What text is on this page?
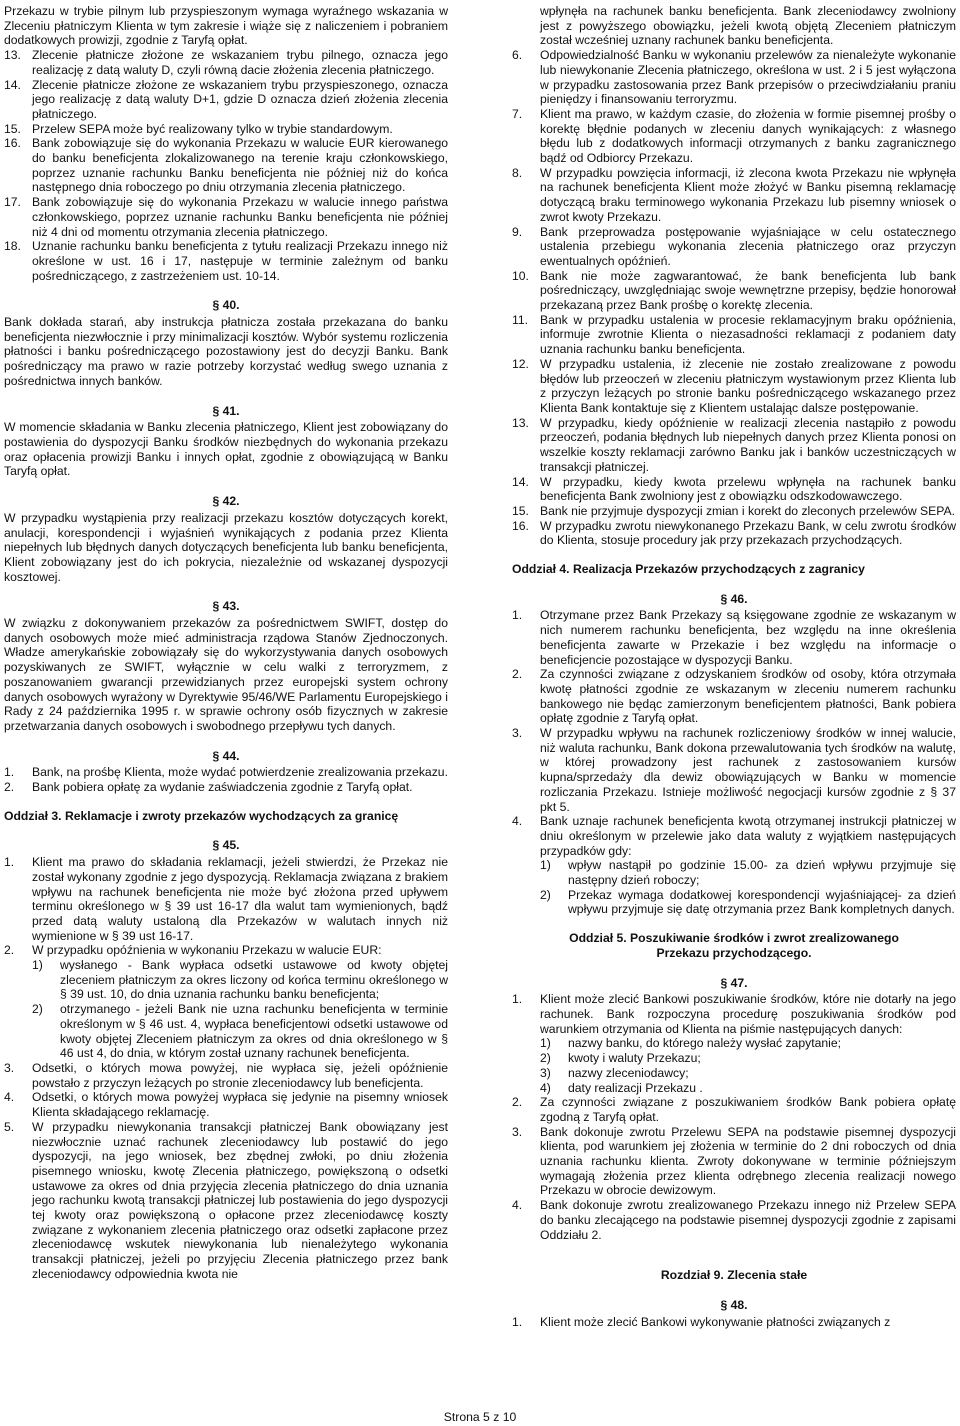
Przekazu w trybie pilnym lub przyspieszonym wymaga wyraźnego wskazania w Zleceniu płatniczym Klienta w tym zakresie i wiąże się z naliczeniem i pobraniem dodatkowych prowizji, zgodnie z Taryfą opłat.
13. Zlecenie płatnicze złożone ze wskazaniem trybu pilnego, oznacza jego realizację z datą waluty D, czyli równą dacie złożenia zlecenia płatniczego.
14. Zlecenie płatnicze złożone ze wskazaniem trybu przyspieszonego, oznacza jego realizację z datą waluty D+1, gdzie D oznacza dzień złożenia zlecenia płatniczego.
15. Przelew SEPA może być realizowany tylko w trybie standardowym.
16. Bank zobowiązuje się do wykonania Przekazu w walucie EUR kierowanego do banku beneficjenta zlokalizowanego na terenie kraju członkowskiego, poprzez uznanie rachunku Banku beneficjenta nie później niż do końca następnego dnia roboczego po dniu otrzymania zlecenia płatniczego.
17. Bank zobowiązuje się do wykonania Przekazu w walucie innego państwa członkowskiego, poprzez uznanie rachunku Banku beneficjenta nie później niż 4 dni od momentu otrzymania zlecenia płatniczego.
18. Uznanie rachunku banku beneficjenta z tytułu realizacji Przekazu innego niż określone w ust. 16 i 17, następuje w terminie zależnym od banku pośredniczącego, z zastrzeżeniem ust. 10-14.
§ 40.
Bank dokłada starań, aby instrukcja płatnicza została przekazana do banku beneficjenta niezwłocznie i przy minimalizacji kosztów. Wybór systemu rozliczenia płatności i banku pośredniczącego pozostawiony jest do decyzji Banku. Bank pośredniczący ma prawo w razie potrzeby korzystać według swego uznania z pośrednictwa innych banków.
§ 41.
W momencie składania w Banku zlecenia płatniczego, Klient jest zobowiązany do postawienia do dyspozycji Banku środków niezbędnych do wykonania przekazu oraz opłacenia prowizji Banku i innych opłat, zgodnie z obowiązującą w Banku Taryfą opłat.
§ 42.
W przypadku wystąpienia przy realizacji przekazu kosztów dotyczących korekt, anulacji, korespondencji i wyjaśnień wynikających z podania przez Klienta niepełnych lub błędnych danych dotyczących beneficjenta lub banku beneficjenta, Klient zobowiązany jest do ich pokrycia, niezależnie od wskazanej dyspozycji kosztowej.
§ 43.
W związku z dokonywaniem przekazów za pośrednictwem SWIFT, dostęp do danych osobowych może mieć administracja rządowa Stanów Zjednoczonych. Władze amerykańskie zobowiązały się do wykorzystywania danych osobowych pozyskiwanych ze SWIFT, wyłącznie w celu walki z terroryzmem, z poszanowaniem gwarancji przewidzianych przez europejski system ochrony danych osobowych wyrażony w Dyrektywie 95/46/WE Parlamentu Europejskiego i Rady z 24 października 1995 r. w sprawie ochrony osób fizycznych w zakresie przetwarzania danych osobowych i swobodnego przepływu tych danych.
§ 44.
1. Bank, na prośbę Klienta, może wydać potwierdzenie zrealizowania przekazu.
2. Bank pobiera opłatę za wydanie zaświadczenia zgodnie z Taryfą opłat.
Oddział 3. Reklamacje i zwroty przekazów wychodzących za granicę
§ 45.
1. Klient ma prawo do składania reklamacji, jeżeli stwierdzi, że Przekaz nie został wykonany zgodnie z jego dyspozycją. Reklamacja związana z brakiem wpływu na rachunek beneficjenta nie może być złożona przed upływem terminu określonego w § 39 ust 16-17 dla walut tam wymienionych, bądź przed datą waluty ustaloną dla Przekazów w walutach innych niż wymienione w § 39 ust 16-17.
2. W przypadku opóźnienia w wykonaniu Przekazu w walucie EUR:
1) wysłanego - Bank wypłaca odsetki ustawowe od kwoty objętej zleceniem płatniczym za okres liczony od końca terminu określonego w § 39 ust. 10, do dnia uznania rachunku banku beneficjenta;
2) otrzymanego - jeżeli Bank nie uzna rachunku beneficjenta w terminie określonym w § 46 ust. 4, wypłaca beneficjentowi odsetki ustawowe od kwoty objętej Zleceniem płatniczym za okres od dnia określonego w § 46 ust 4, do dnia, w którym został uznany rachunek beneficjenta.
3. Odsetki, o których mowa powyżej, nie wypłaca się, jeżeli opóźnienie powstało z przyczyn leżących po stronie zleceniodawcy lub beneficjenta.
4. Odsetki, o których mowa powyżej wypłaca się jedynie na pisemny wniosek Klienta składającego reklamację.
5. W przypadku niewykonania transakcji płatniczej Bank obowiązany jest niezwłocznie uznać rachunek zleceniodawcy lub postawić do jego dyspozycji, na jego wniosek, bez zbędnej zwłoki, po dniu złożenia pisemnego wniosku, kwotę Zlecenia płatniczego, powiększoną o odsetki ustawowe za okres od dnia przyjęcia zlecenia płatniczego do dnia uznania jego rachunku kwotą transakcji płatniczej lub postawienia do jego dyspozycji tej kwoty oraz powiększoną o opłacone przez zleceniodawcę koszty związane z wykonaniem zlecenia płatniczego oraz odsetki zapłacone przez zleceniodawcę wskutek niewykonania lub nienależytego wykonania transakcji płatniczej, jeżeli po przyjęciu Zlecenia płatniczego przez bank zleceniodawcy odpowiednia kwota nie
wpłynęła na rachunek banku beneficjenta. Bank zleceniodawcy zwolniony jest z powyższego obowiązku, jeżeli kwotą objętą Zleceniem płatniczym został wcześniej uznany rachunek banku beneficjenta.
6. Odpowiedzialność Banku w wykonaniu przelewów za nienależyte wykonanie lub niewykonanie Zlecenia płatniczego, określona w ust. 2 i 5 jest wyłączona w przypadku zastosowania przez Bank przepisów o przeciwdziałaniu praniu pieniędzy i finansowaniu terroryzmu.
7. Klient ma prawo, w każdym czasie, do złożenia w formie pisemnej prośby o korektę błędnie podanych w zleceniu danych wynikających: z własnego błędu lub z dodatkowych informacji otrzymanych z banku zagranicznego bądź od Odbiorcy Przekazu.
8. W przypadku powzięcia informacji, iż zlecona kwota Przekazu nie wpłynęła na rachunek beneficjenta Klient może złożyć w Banku pisemną reklamację dotyczącą braku terminowego wykonania Przekazu lub pisemny wniosek o zwrot kwoty Przekazu.
9. Bank przeprowadza postępowanie wyjaśniające w celu ostatecznego ustalenia przebiegu wykonania zlecenia płatniczego oraz przyczyn ewentualnych opóźnień.
10. Bank nie może zagwarantować, że bank beneficjenta lub bank pośredniczący, uwzględniając swoje wewnętrzne przepisy, będzie honorował przekazaną przez Bank prośbę o korektę zlecenia.
11. Bank w przypadku ustalenia w procesie reklamacyjnym braku opóźnienia, informuje zwrotnie Klienta o niezasadności reklamacji z podaniem daty uznania rachunku banku beneficjenta.
12. W przypadku ustalenia, iż zlecenie nie zostało zrealizowane z powodu błędów lub przeoczeń w zleceniu płatniczym wystawionym przez Klienta lub z przyczyn leżących po stronie banku pośredniczącego wskazanego przez Klienta Bank kontaktuje się z Klientem ustalając dalsze postępowanie.
13. W przypadku, kiedy opóźnienie w realizacji zlecenia nastąpiło z powodu przeoczeń, podania błędnych lub niepełnych danych przez Klienta ponosi on wszelkie koszty reklamacji zarówno Banku jak i banków uczestniczących w transakcji płatniczej.
14. W przypadku, kiedy kwota przelewu wpłynęła na rachunek banku beneficjenta Bank zwolniony jest z obowiązku odszkodowawczego.
15. Bank nie przyjmuje dyspozycji zmian i korekt do zleconych przelewów SEPA.
16. W przypadku zwrotu niewykonanego Przekazu Bank, w celu zwrotu środków do Klienta, stosuje procedury jak przy przekazach przychodzących.
Oddział 4. Realizacja Przekazów przychodzących z zagranicy
§ 46.
1. Otrzymane przez Bank Przekazy są księgowane zgodnie ze wskazanym w nich numerem rachunku beneficjenta, bez względu na inne określenia beneficjenta zawarte w Przekazie i bez względu na informacje o beneficjencie pozostające w dyspozycji Banku.
2. Za czynności związane z odzyskaniem środków od osoby, która otrzymała kwotę płatności zgodnie ze wskazanym w zleceniu numerem rachunku bankowego nie będąc zamierzonym beneficjentem płatności, Bank pobiera opłatę zgodnie z Taryfą opłat.
3. W przypadku wpływu na rachunek rozliczeniowy środków w innej walucie, niż waluta rachunku, Bank dokona przewalutowania tych środków na walutę, w której prowadzony jest rachunek z zastosowaniem kursów kupna/sprzedaży dla dewiz obowiązujących w Banku w momencie rozliczania Przekazu. Istnieje możliwość negocjacji kursów zgodnie z § 37 pkt 5.
4. Bank uznaje rachunek beneficjenta kwotą otrzymanej instrukcji płatniczej w dniu określonym w przelewie jako data waluty z wyjątkiem następujących przypadków gdy:
1) wpływ nastąpił po godzinie 15.00- za dzień wpływu przyjmuje się następny dzień roboczy;
2) Przekaz wymaga dodatkowej korespondencji wyjaśniającej- za dzień wpływu przyjmuje się datę otrzymania przez Bank kompletnych danych.
Oddział 5. Poszukiwanie środków i zwrot zrealizowanego Przekazu przychodzącego.
§ 47.
1. Klient może zlecić Bankowi poszukiwanie środków, które nie dotarły na jego rachunek. Bank rozpoczyna procedurę poszukiwania środków pod warunkiem otrzymania od Klienta na piśmie następujących danych:
1) nazwy banku, do którego należy wysłać zapytanie;
2) kwoty i waluty Przekazu;
3) nazwy zleceniodawcy;
4) daty realizacji Przekazu .
2. Za czynności związane z poszukiwaniem środków Bank pobiera opłatę zgodną z Taryfą opłat.
3. Bank dokonuje zwrotu Przelewu SEPA na podstawie pisemnej dyspozycji klienta, pod warunkiem jej złożenia w terminie do 2 dni roboczych od dnia uznania rachunku klienta. Zwroty dokonywane w terminie późniejszym wymagają złożenia przez klienta odrębnego zlecenia realizacji nowego Przekazu w obrocie dewizowym.
4. Bank dokonuje zwrotu zrealizowanego Przekazu innego niż Przelew SEPA do banku zlecającego na podstawie pisemnej dyspozycji zgodnie z zapisami Oddziału 2.
Rozdział 9. Zlecenia stałe
§ 48.
1. Klient może zlecić Bankowi wykonywanie płatności związanych z
Strona 5 z 10
